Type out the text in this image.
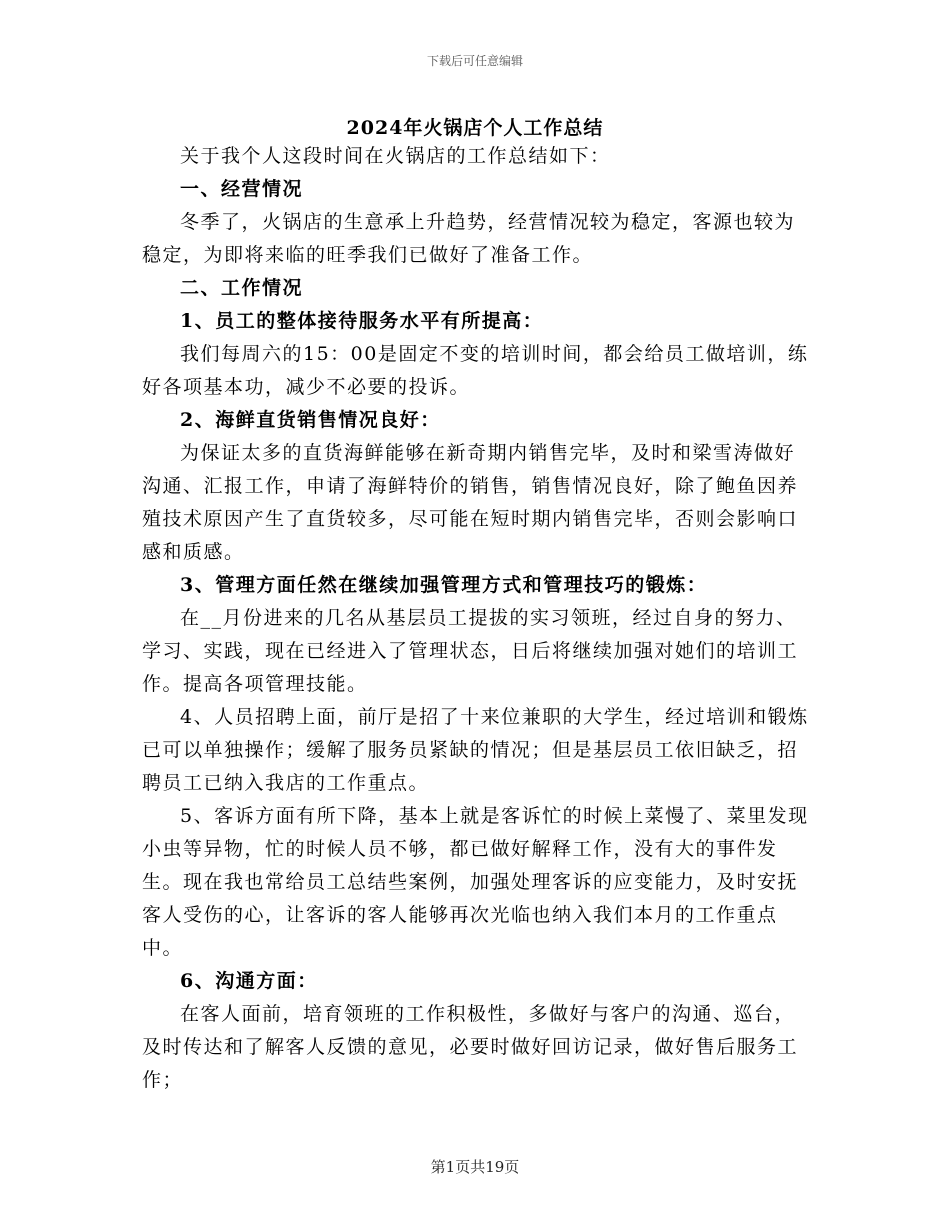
下载后可任意编辑
2024年火锅店个人工作总结

关于我个人这段时间在火锅店的工作总结如下：

一、经营情况

冬季了，火锅店的生意承上升趋势，经营情况较为稳定，客源也较为稳定，为即将来临的旺季我们已做好了准备工作。

二、工作情况

1、员工的整体接待服务水平有所提高：

我们每周六的15：00是固定不变的培训时间，都会给员工做培训，练好各项基本功，减少不必要的投诉。

2、海鲜直货销售情况良好：

为保证太多的直货海鲜能够在新奇期内销售完毕，及时和梁雪涛做好沟通、汇报工作，申请了海鲜特价的销售，销售情况良好，除了鲍鱼因养殖技术原因产生了直货较多，尽可能在短时期内销售完毕，否则会影响口感和质感。

3、管理方面任然在继续加强管理方式和管理技巧的锻炼：

在__月份进来的几名从基层员工提拔的实习领班，经过自身的努力、学习、实践，现在已经进入了管理状态，日后将继续加强对她们的培训工作。提高各项管理技能。

4、人员招聘上面，前厅是招了十来位兼职的大学生，经过培训和锻炼已可以单独操作；缓解了服务员紧缺的情况；但是基层员工依旧缺乏，招聘员工已纳入我店的工作重点。

5、客诉方面有所下降，基本上就是客诉忙的时候上菜慢了、菜里发现小虫等异物，忙的时候人员不够，都已做好解释工作，没有大的事件发生。现在我也常给员工总结些案例，加强处理客诉的应变能力，及时安抚客人受伤的心，让客诉的客人能够再次光临也纳入我们本月的工作重点中。

6、沟通方面：

在客人面前，培育领班的工作积极性，多做好与客户的沟通、巡台，及时传达和了解客人反馈的意见，必要时做好回访记录，做好售后服务工作；

第1页共19页
